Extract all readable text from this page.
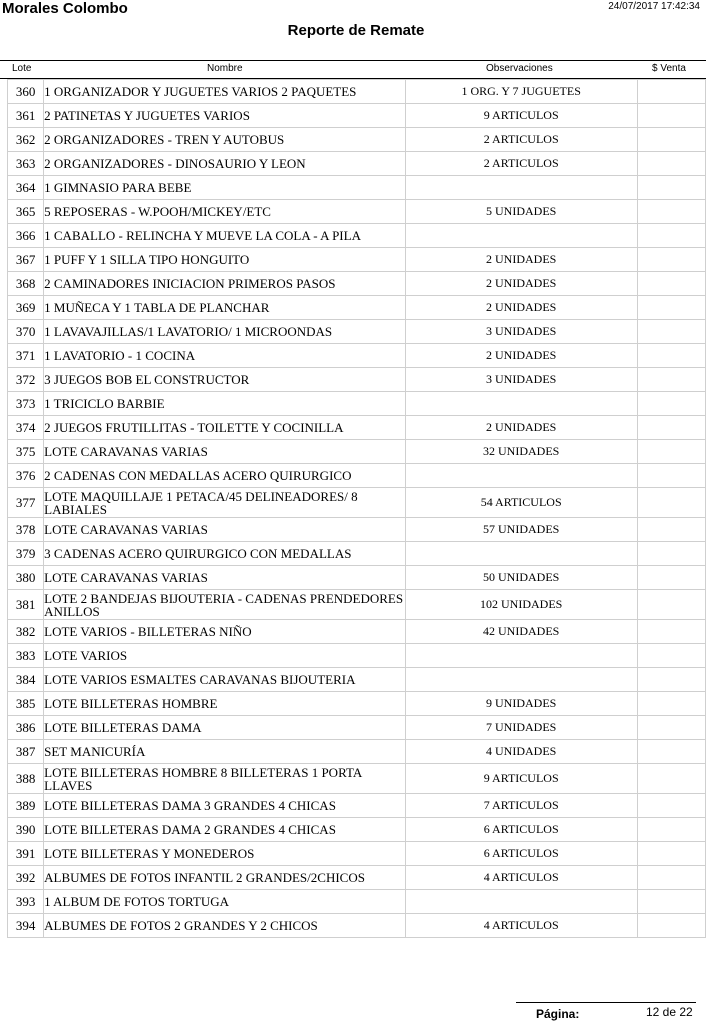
Morales Colombo	24/07/2017 17:42:34
Reporte de Remate
Lote	Nombre	Observaciones	$ Venta
360	1 ORGANIZADOR Y JUGUETES VARIOS 2 PAQUETES	1 ORG. Y 7 JUGUETES	
361	2 PATINETAS Y JUGUETES VARIOS	9 ARTICULOS	
362	2 ORGANIZADORES - TREN Y AUTOBUS	2 ARTICULOS	
363	2 ORGANIZADORES - DINOSAURIO Y LEON	2 ARTICULOS	
364	1 GIMNASIO PARA BEBE		
365	5 REPOSERAS - W.POOH/MICKEY/ETC	5 UNIDADES	
366	1 CABALLO - RELINCHA Y MUEVE LA COLA - A PILA		
367	1 PUFF Y 1 SILLA TIPO HONGUITO	2 UNIDADES	
368	2 CAMINADORES INICIACION PRIMEROS PASOS	2 UNIDADES	
369	1 MUÑECA Y 1 TABLA DE PLANCHAR	2 UNIDADES	
370	1 LAVAVAJILLAS/1 LAVATORIO/ 1 MICROONDAS	3 UNIDADES	
371	1 LAVATORIO - 1 COCINA	2 UNIDADES	
372	3 JUEGOS BOB EL CONSTRUCTOR	3 UNIDADES	
373	1 TRICICLO BARBIE		
374	2 JUEGOS FRUTILLITAS - TOILETTE Y COCINILLA	2 UNIDADES	
375	LOTE CARAVANAS VARIAS	32 UNIDADES	
376	2 CADENAS CON MEDALLAS ACERO QUIRURGICO		
377	LOTE MAQUILLAJE 1 PETACA/45 DELINEADORES/ 8 LABIALES	54 ARTICULOS	
378	LOTE CARAVANAS VARIAS	57 UNIDADES	
379	3 CADENAS ACERO QUIRURGICO CON MEDALLAS		
380	LOTE CARAVANAS VARIAS	50 UNIDADES	
381	LOTE 2 BANDEJAS BIJOUTERIA - CADENAS PRENDEDORES ANILLOS	102 UNIDADES	
382	LOTE VARIOS - BILLETERAS NIÑO	42 UNIDADES	
383	LOTE VARIOS		
384	LOTE VARIOS ESMALTES CARAVANAS BIJOUTERIA		
385	LOTE BILLETERAS HOMBRE	9 UNIDADES	
386	LOTE BILLETERAS DAMA	7 UNIDADES	
387	SET MANICURÍA	4 UNIDADES	
388	LOTE BILLETERAS HOMBRE 8 BILLETERAS 1 PORTA LLAVES	9 ARTICULOS	
389	LOTE BILLETERAS DAMA 3 GRANDES 4 CHICAS	7 ARTICULOS	
390	LOTE BILLETERAS DAMA 2 GRANDES 4 CHICAS	6 ARTICULOS	
391	LOTE BILLETERAS Y MONEDEROS	6 ARTICULOS	
392	ALBUMES DE FOTOS INFANTIL 2 GRANDES/2CHICOS	4 ARTICULOS	
393	1 ALBUM DE FOTOS TORTUGA		
394	ALBUMES DE FOTOS 2 GRANDES Y 2 CHICOS	4 ARTICULOS	
Página:	12 de 22
